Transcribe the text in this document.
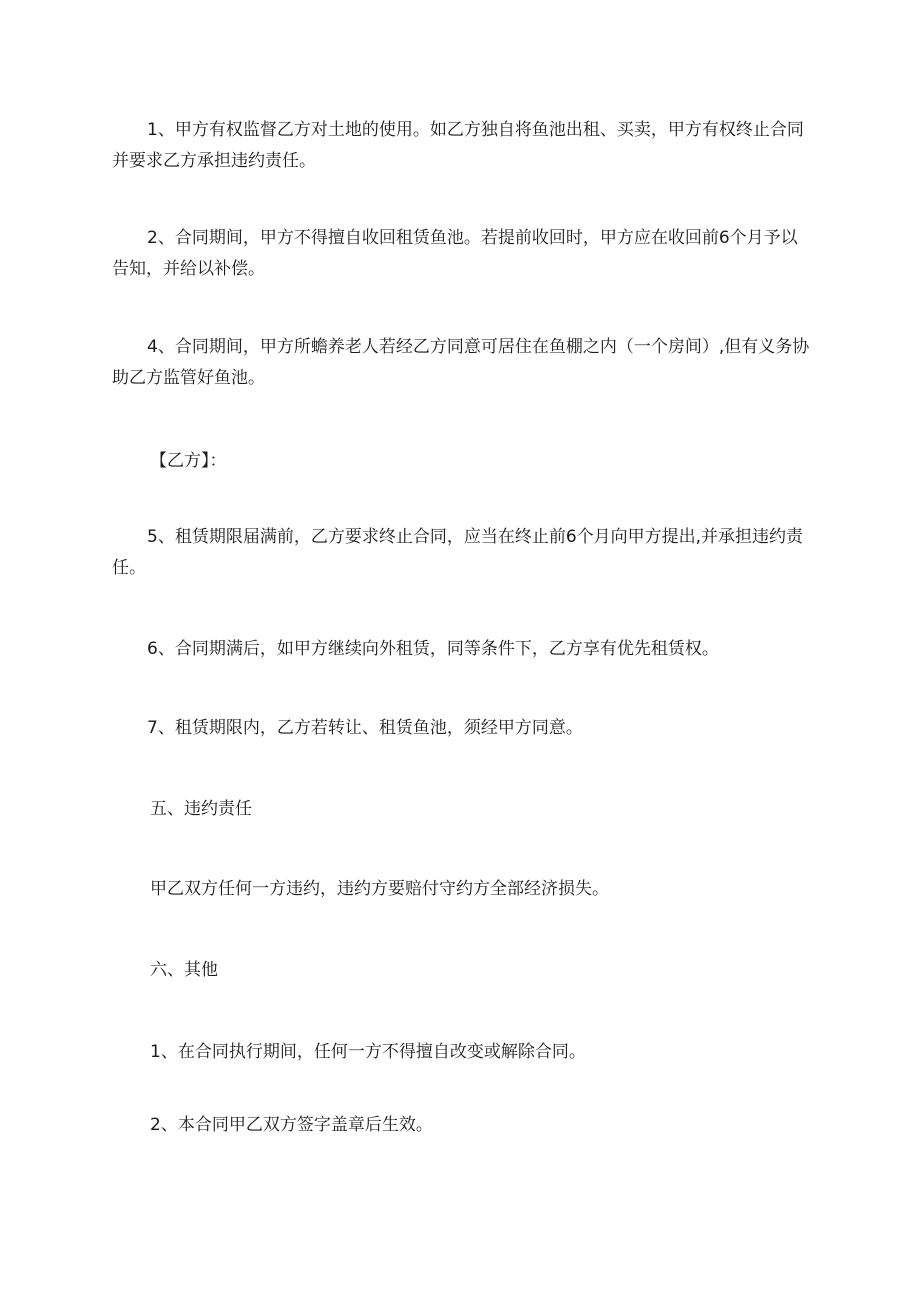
1、甲方有权监督乙方对土地的使用。如乙方独自将鱼池出租、买卖，甲方有权终止合同并要求乙方承担违约责任。

2、合同期间，甲方不得擅自收回租赁鱼池。若提前收回时，甲方应在收回前6个月予以告知，并给以补偿。

4、合同期间，甲方所蟾养老人若经乙方同意可居住在鱼棚之内（一个房间）,但有义务协助乙方监管好鱼池。

【乙方】：

5、租赁期限届满前，乙方要求终止合同，应当在终止前6个月向甲方提出,并承担违约责任。

6、合同期满后，如甲方继续向外租赁，同等条件下，乙方享有优先租赁权。

7、租赁期限内，乙方若转让、租赁鱼池，须经甲方同意。

五、违约责任

甲乙双方任何一方违约，违约方要赔付守约方全部经济损失。

六、其他

1、在合同执行期间，任何一方不得擅自改变或解除合同。

2、本合同甲乙双方签字盖章后生效。
